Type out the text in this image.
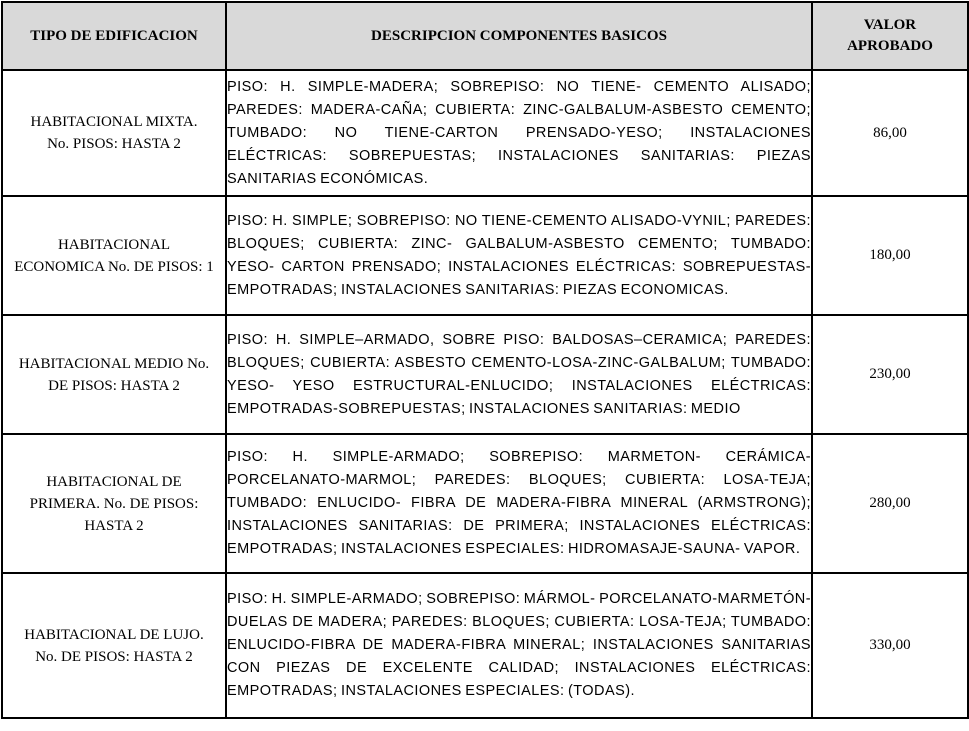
TIPO DE EDIFICACION	DESCRIPCION COMPONENTES BASICOS	VALOR APROBADO
HABITACIONAL MIXTA. No. PISOS: HASTA 2	PISO: H. SIMPLE-MADERA; SOBREPISO: NO TIENE- CEMENTO ALISADO; PAREDES: MADERA-CAÑA; CUBIERTA: ZINC-GALBALUM-ASBESTO CEMENTO; TUMBADO: NO TIENE-CARTON PRENSADO-YESO; INSTALACIONES ELÉCTRICAS: SOBREPUESTAS; INSTALACIONES SANITARIAS: PIEZAS SANITARIAS ECONÓMICAS.	86,00
HABITACIONAL ECONOMICA No. DE PISOS: 1	PISO: H. SIMPLE; SOBREPISO: NO TIENE-CEMENTO ALISADO-VYNIL; PAREDES: BLOQUES; CUBIERTA: ZINC- GALBALUM-ASBESTO CEMENTO; TUMBADO: YESO- CARTON PRENSADO; INSTALACIONES ELÉCTRICAS: SOBREPUESTAS-EMPOTRADAS; INSTALACIONES SANITARIAS: PIEZAS ECONOMICAS.	180,00
HABITACIONAL MEDIO No. DE PISOS: HASTA 2	PISO: H. SIMPLE–ARMADO, SOBRE PISO: BALDOSAS–CERAMICA; PAREDES: BLOQUES; CUBIERTA: ASBESTO CEMENTO-LOSA-ZINC-GALBALUM; TUMBADO: YESO- YESO ESTRUCTURAL-ENLUCIDO; INSTALACIONES ELÉCTRICAS: EMPOTRADAS-SOBREPUESTAS; INSTALACIONES SANITARIAS: MEDIO	230,00
HABITACIONAL DE PRIMERA. No. DE PISOS: HASTA 2	PISO: H. SIMPLE-ARMADO; SOBREPISO: MARMETON- CERÁMICA-PORCELANATO-MARMOL; PAREDES: BLOQUES; CUBIERTA: LOSA-TEJA; TUMBADO: ENLUCIDO- FIBRA DE MADERA-FIBRA MINERAL (ARMSTRONG); INSTALACIONES SANITARIAS: DE PRIMERA; INSTALACIONES ELÉCTRICAS: EMPOTRADAS; INSTALACIONES ESPECIALES: HIDROMASAJE-SAUNA- VAPOR.	280,00
HABITACIONAL DE LUJO. No. DE PISOS: HASTA 2	PISO: H. SIMPLE-ARMADO; SOBREPISO: MÁRMOL- PORCELANATO-MARMETÓN-DUELAS DE MADERA; PAREDES: BLOQUES; CUBIERTA: LOSA-TEJA; TUMBADO: ENLUCIDO-FIBRA DE MADERA-FIBRA MINERAL; INSTALACIONES SANITARIAS CON PIEZAS DE EXCELENTE CALIDAD; INSTALACIONES ELÉCTRICAS: EMPOTRADAS; INSTALACIONES ESPECIALES: (TODAS).	330,00
